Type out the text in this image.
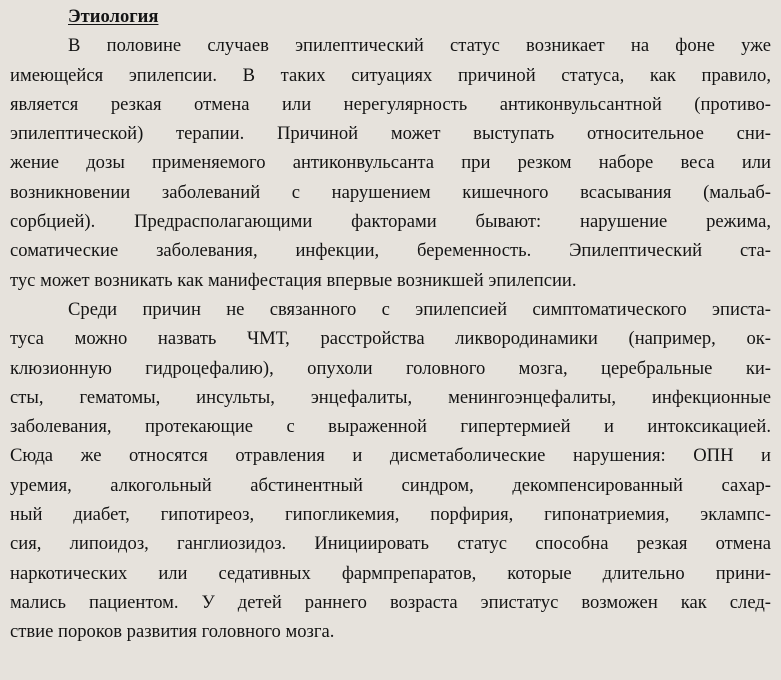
Этиология
В половине случаев эпилептический статус возникает на фоне уже
имеющейся эпилепсии. В таких ситуациях причиной статуса, как правило,
является резкая отмена или нерегулярность антиконвульсантной (противо-
эпилептической) терапии. Причиной может выступать относительное сни-
жение дозы применяемого антиконвульсанта при резком наборе веса или
возникновении заболеваний с нарушением кишечного всасывания (мальаб-
сорбцией). Предрасполагающими факторами бывают: нарушение режима,
соматические заболевания, инфекции, беременность. Эпилептический ста-
тус может возникать как манифестация впервые возникшей эпилепсии.
Среди причин не связанного с эпилепсией симптоматического эписта-
туса можно назвать ЧМТ, расстройства ликвородинамики (например, ок-
клюзионную гидроцефалию), опухоли головного мозга, церебральные ки-
сты, гематомы, инсульты, энцефалиты, менингоэнцефалиты, инфекционные
заболевания, протекающие с выраженной гипертермией и интоксикацией.
Сюда же относятся отравления и дисметаболические нарушения: ОПН и
уремия, алкогольный абстинентный синдром, декомпенсированный сахар-
ный диабет, гипотиреоз, гипогликемия, порфирия, гипонатриемия, эклампс-
сия, липоидоз, ганглиозидоз. Инициировать статус способна резкая отмена
наркотических или седативных фармпрепаратов, которые длительно прини-
мались пациентом. У детей раннего возраста эпистатус возможен как след-
ствие пороков развития головного мозга.
